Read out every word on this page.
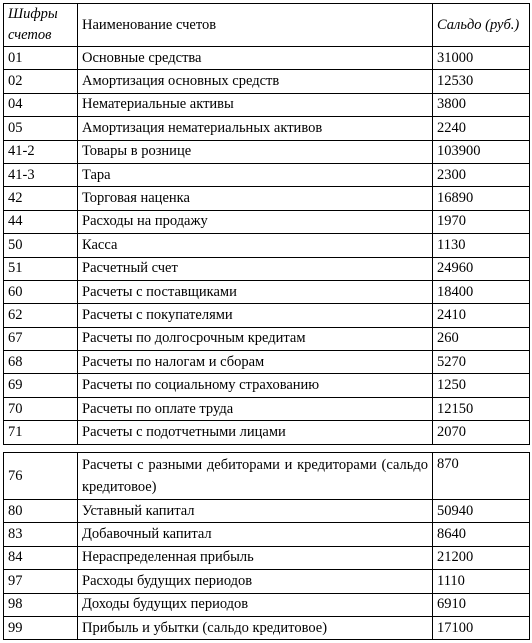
Шифры счетов	Наименование счетов	Сальдо (руб.)
01	Основные средства	31000
02	Амортизация основных средств	12530
04	Нематериальные активы	3800
05	Амортизация нематериальных активов	2240
41-2	Товары в рознице	103900
41-3	Тара	2300
42	Торговая наценка	16890
44	Расходы на продажу	1970
50	Касса	1130
51	Расчетный счет	24960
60	Расчеты с поставщиками	18400
62	Расчеты с покупателями	2410
67	Расчеты по долгосрочным кредитам	260
68	Расчеты по налогам и сборам	5270
69	Расчеты по социальному страхованию	1250
70	Расчеты по оплате труда	12150
71	Расчеты с подотчетными лицами	2070
76	Расчеты с разными дебиторами и кредиторами (сальдо кредитовое)	870
80	Уставный капитал	50940
83	Добавочный капитал	8640
84	Нераспределенная прибыль	21200
97	Расходы будущих периодов	1110
98	Доходы будущих периодов	6910
99	Прибыль и убытки (сальдо кредитовое)	17100
